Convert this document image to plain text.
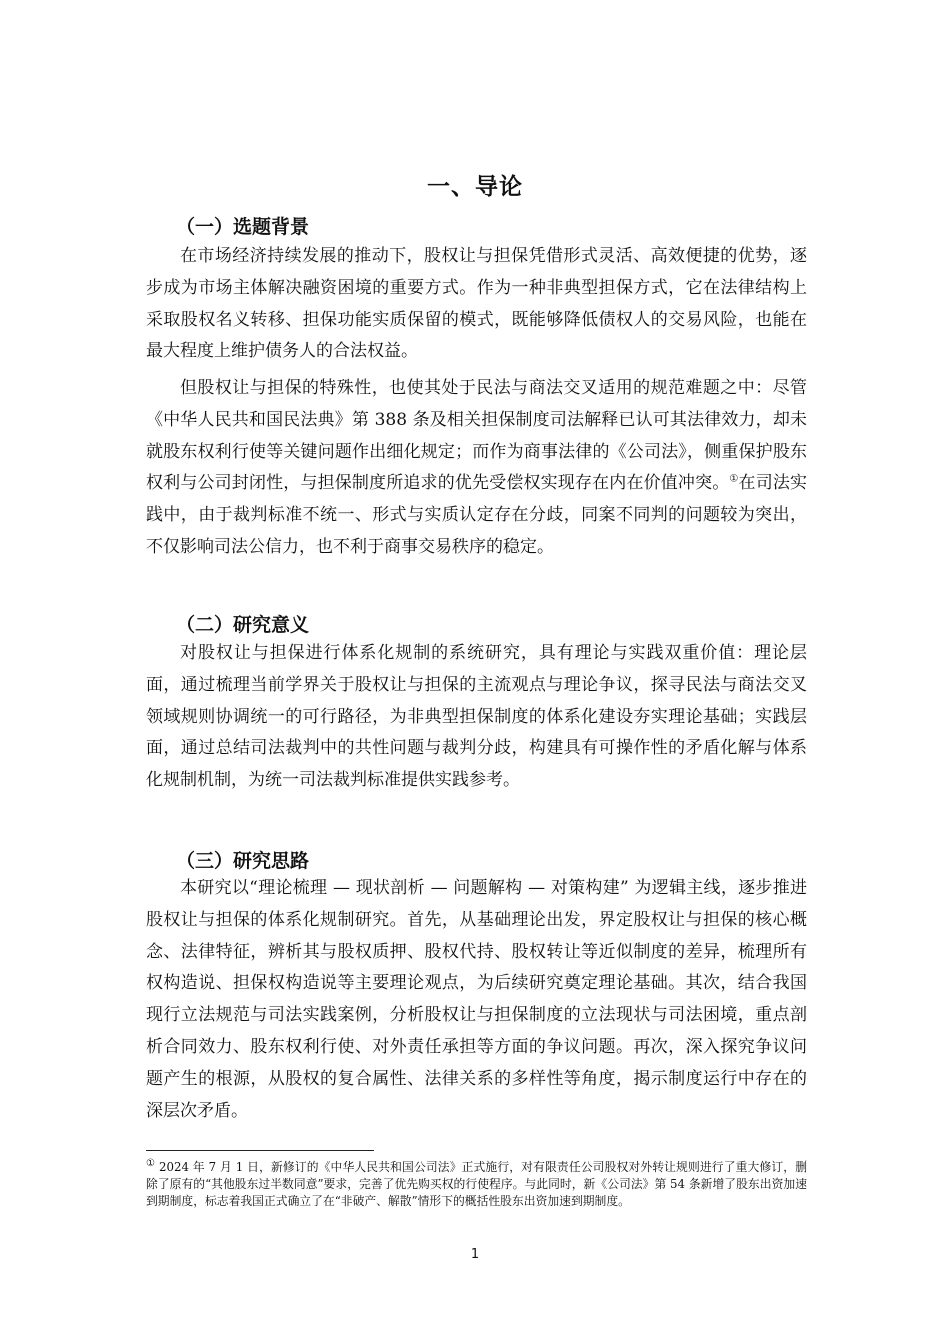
一、导论
（一）选题背景

在市场经济持续发展的推动下，股权让与担保凭借形式灵活、高效便捷的优势，逐步成为市场主体解决融资困境的重要方式。作为一种非典型担保方式，它在法律结构上采取股权名义转移、担保功能实质保留的模式，既能够降低债权人的交易风险，也能在最大程度上维护债务人的合法权益。

但股权让与担保的特殊性，也使其处于民法与商法交叉适用的规范难题之中：尽管《中华人民共和国民法典》第 388 条及相关担保制度司法解释已认可其法律效力，却未就股东权利行使等关键问题作出细化规定；而作为商事法律的《公司法》，侧重保护股东权利与公司封闭性，与担保制度所追求的优先受偿权实现存在内在价值冲突。①在司法实践中，由于裁判标准不统一、形式与实质认定存在分歧，同案不同判的问题较为突出，不仅影响司法公信力，也不利于商事交易秩序的稳定。

（二）研究意义

对股权让与担保进行体系化规制的系统研究，具有理论与实践双重价值：理论层面，通过梳理当前学界关于股权让与担保的主流观点与理论争议，探寻民法与商法交叉领域规则协调统一的可行路径，为非典型担保制度的体系化建设夯实理论基础；实践层面，通过总结司法裁判中的共性问题与裁判分歧，构建具有可操作性的矛盾化解与体系化规制机制，为统一司法裁判标准提供实践参考。

（三）研究思路

本研究以“理论梳理 — 现状剖析 — 问题解构 — 对策构建” 为逻辑主线，逐步推进股权让与担保的体系化规制研究。首先，从基础理论出发，界定股权让与担保的核心概念、法律特征，辨析其与股权质押、股权代持、股权转让等近似制度的差异，梳理所有权构造说、担保权构造说等主要理论观点，为后续研究奠定理论基础。其次，结合我国现行立法规范与司法实践案例，分析股权让与担保制度的立法现状与司法困境，重点剖析合同效力、股东权利行使、对外责任承担等方面的争议问题。再次，深入探究争议问题产生的根源，从股权的复合属性、法律关系的多样性等角度，揭示制度运行中存在的深层次矛盾。

① 2024 年 7 月 1 日，新修订的《中华人民共和国公司法》正式施行，对有限责任公司股权对外转让规则进行了重大修订，删除了原有的“其他股东过半数同意”要求，完善了优先购买权的行使程序。与此同时，新《公司法》第 54 条新增了股东出资加速到期制度，标志着我国正式确立了在“非破产、解散”情形下的概括性股东出资加速到期制度。

1
